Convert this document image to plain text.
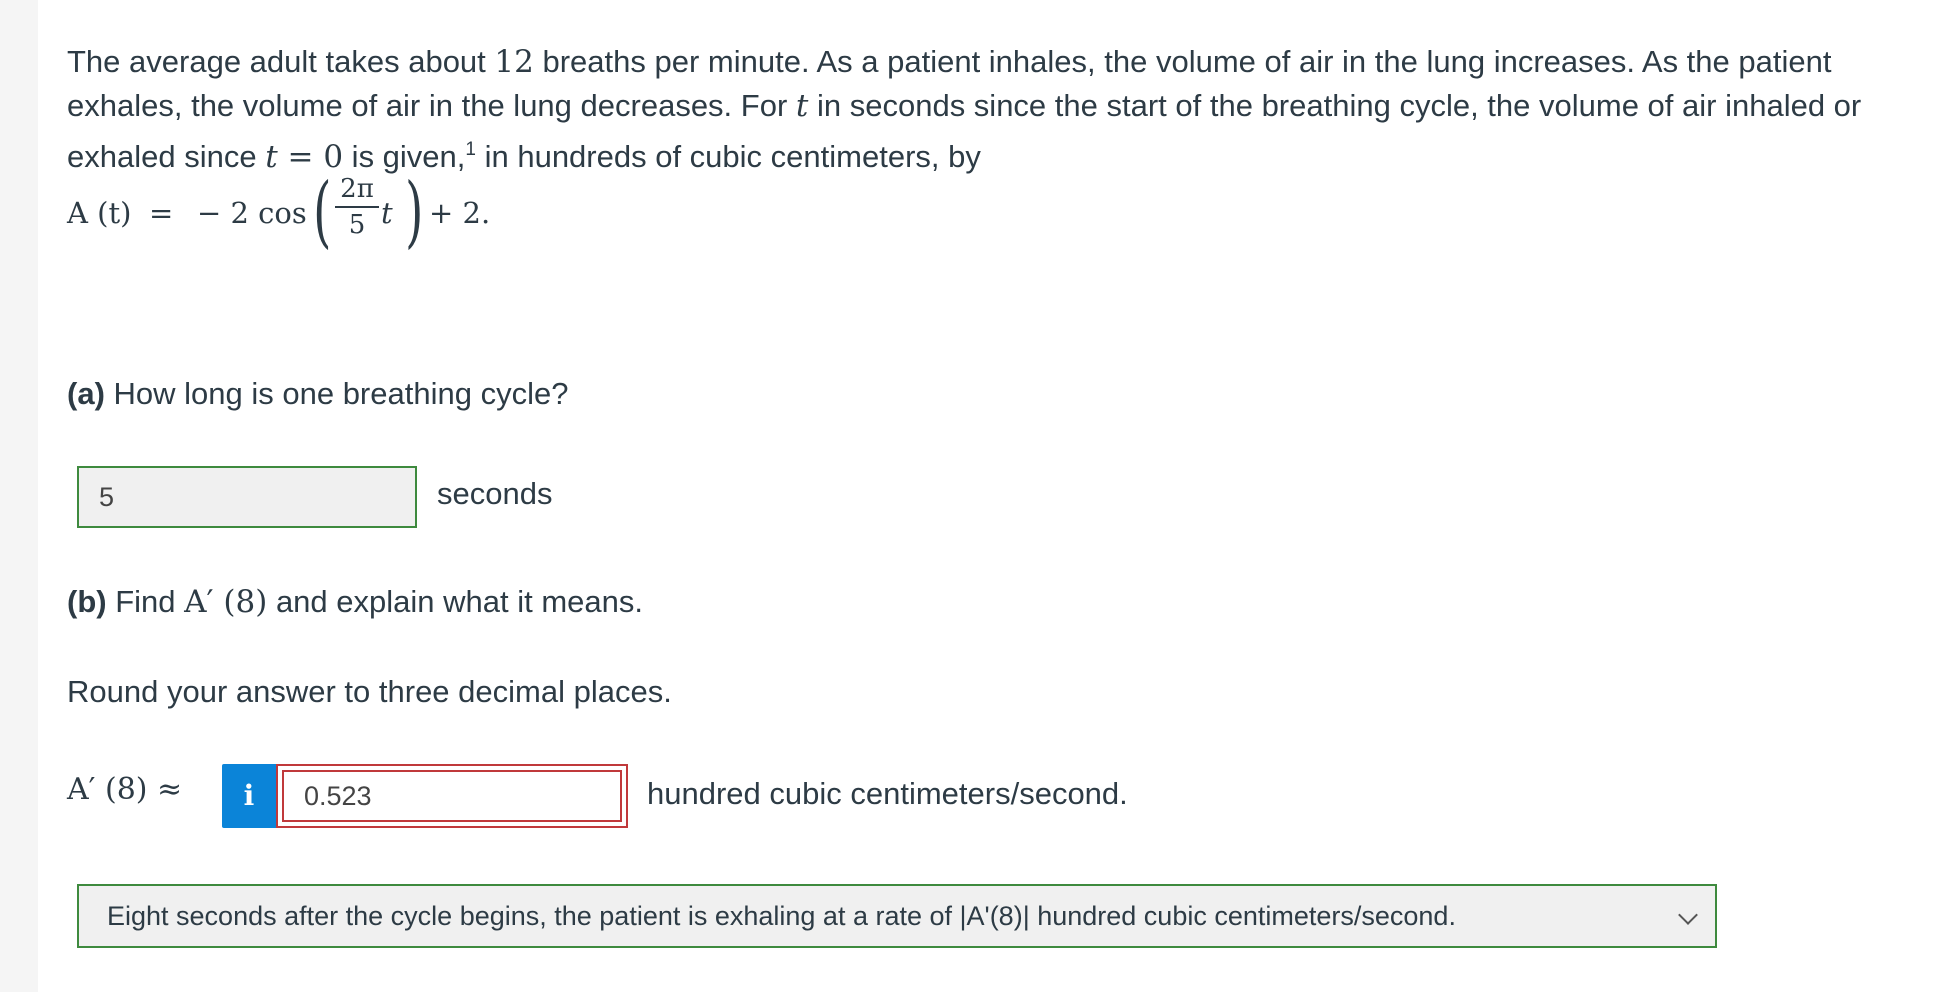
The average adult takes about 12 breaths per minute. As a patient inhales, the volume of air in the lung increases. As the patient exhales, the volume of air in the lung decreases. For t in seconds since the start of the breathing cycle, the volume of air inhaled or exhaled since t = 0 is given,$^1$ in hundreds of cubic centimeters, by

A (t) = − 2 cos ( 2π
5 t ) + 2.
(a) How long is one breathing cycle?
5	seconds
(b) Find A′ (8) and explain what it means.
Round your answer to three decimal places.
A′ (8) ≈	i	0.523	hundred cubic centimeters/second.
Eight seconds after the cycle begins, the patient is exhaling at a rate of |A'(8)| hundred cubic centimeters/second.
